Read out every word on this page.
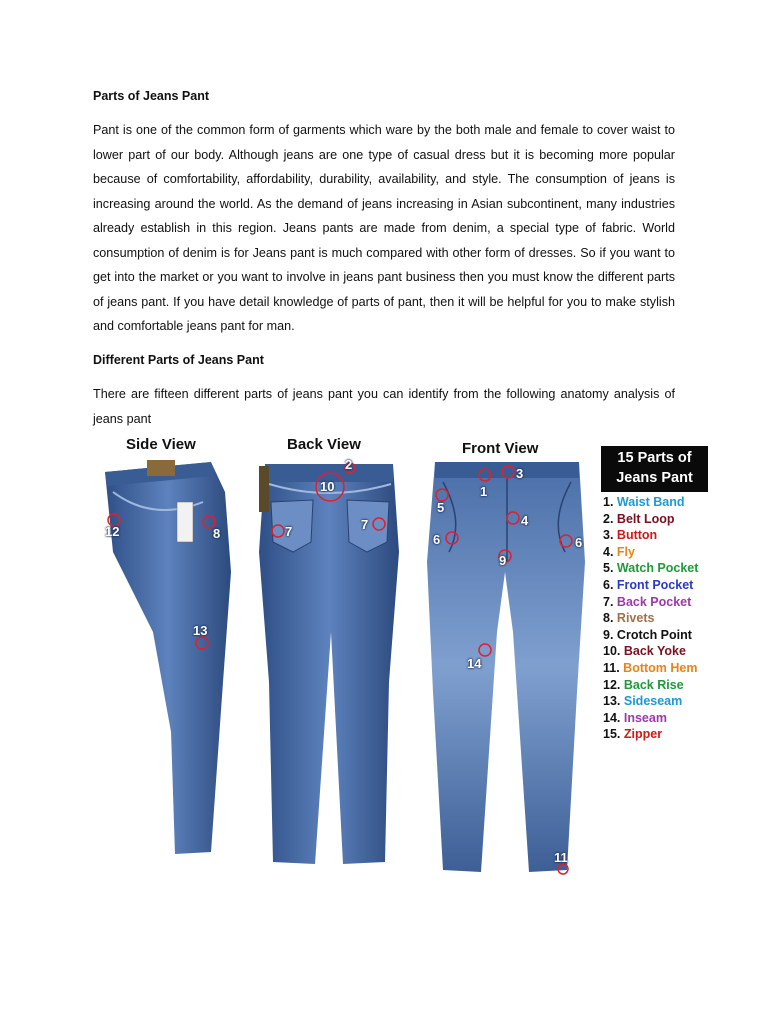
Parts of Jeans Pant

Pant is one of the common form of garments which ware by the both male and female to cover waist to lower part of our body. Although jeans are one type of casual dress but it is becoming more popular because of comfortability, affordability, durability, availability, and style. The consumption of jeans is increasing around the world. As the demand of jeans increasing in Asian subcontinent, many industries already establish in this region. Jeans pants are made from denim, a special type of fabric. World consumption of denim is for Jeans pant is much compared with other form of dresses. So if you want to get into the market or you want to involve in jeans pant business then you must know the different parts of jeans pant. If you have detail knowledge of parts of pant, then it will be helpful for you to make stylish and comfortable jeans pant for man.

Different Parts of Jeans Pant

There are fifteen different parts of jeans pant you can identify from the following anatomy analysis of jeans pant

Side View	Back View	Front View
12	8
13
2
10
7	7
1
3
5
4
6	6
9
14
11
15 Parts of
Jeans Pant
1. Waist Band
2. Belt Loop
3. Button
4. Fly
5. Watch Pocket
6. Front Pocket
7. Back Pocket
8. Rivets
9. Crotch Point
10. Back Yoke
11. Bottom Hem
12. Back Rise
13. Sideseam
14. Inseam
15. Zipper
